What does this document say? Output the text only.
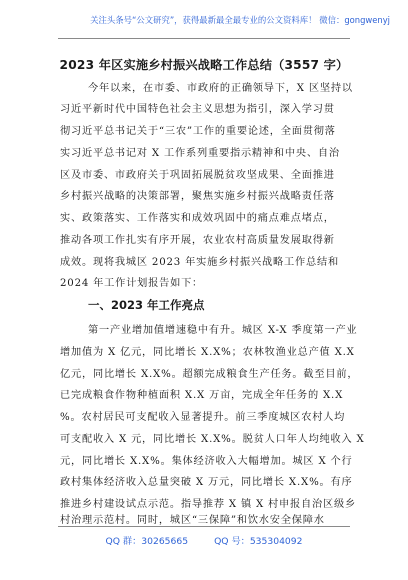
关注头条号“公文研究”，获得最新最全最专业的公文资料库！ 微信：gongwenyj
2023 年区实施乡村振兴战略工作总结（3557 字）
今年以来，在市委、市政府的正确领导下，X 区坚持以
习近平新时代中国特色社会主义思想为指引，深入学习贯
彻习近平总书记关于“三农”工作的重要论述，全面贯彻落
实习近平总书记对 X 工作系列重要指示精神和中央、自治
区及市委、市政府关于巩固拓展脱贫攻坚成果、全面推进
乡村振兴战略的决策部署，聚焦实施乡村振兴战略责任落
实、政策落实、工作落实和成效巩固中的痛点难点堵点，
推动各项工作扎实有序开展，农业农村高质量发展取得新
成效。现将我城区 2023 年实施乡村振兴战略工作总结和
2024 年工作计划报告如下：
一、2023 年工作亮点
第一产业增加值增速稳中有升。城区 X-X 季度第一产业
增加值为 X 亿元，同比增长 X.X%；农林牧渔业总产值 X.X
亿元，同比增长 X.X%。超额完成粮食生产任务。截至目前，
已完成粮食作物种植面积 X.X 万亩，完成全年任务的 X.X
%。农村居民可支配收入显著提升。前三季度城区农村人均
可支配收入 X 元，同比增长 X.X%。脱贫人口年人均纯收入 X
元，同比增长 X.X%。集体经济收入大幅增加。城区 X 个行
政村集体经济收入总量突破 X 万元，同比增长 X.X%。有序
推进乡村建设试点示范。指导推荐 X 镇 X 村申报自治区级乡
村治理示范村。同时，城区“三保障”和饮水安全保障水
QQ 群：30265665	QQ 号：535304092
